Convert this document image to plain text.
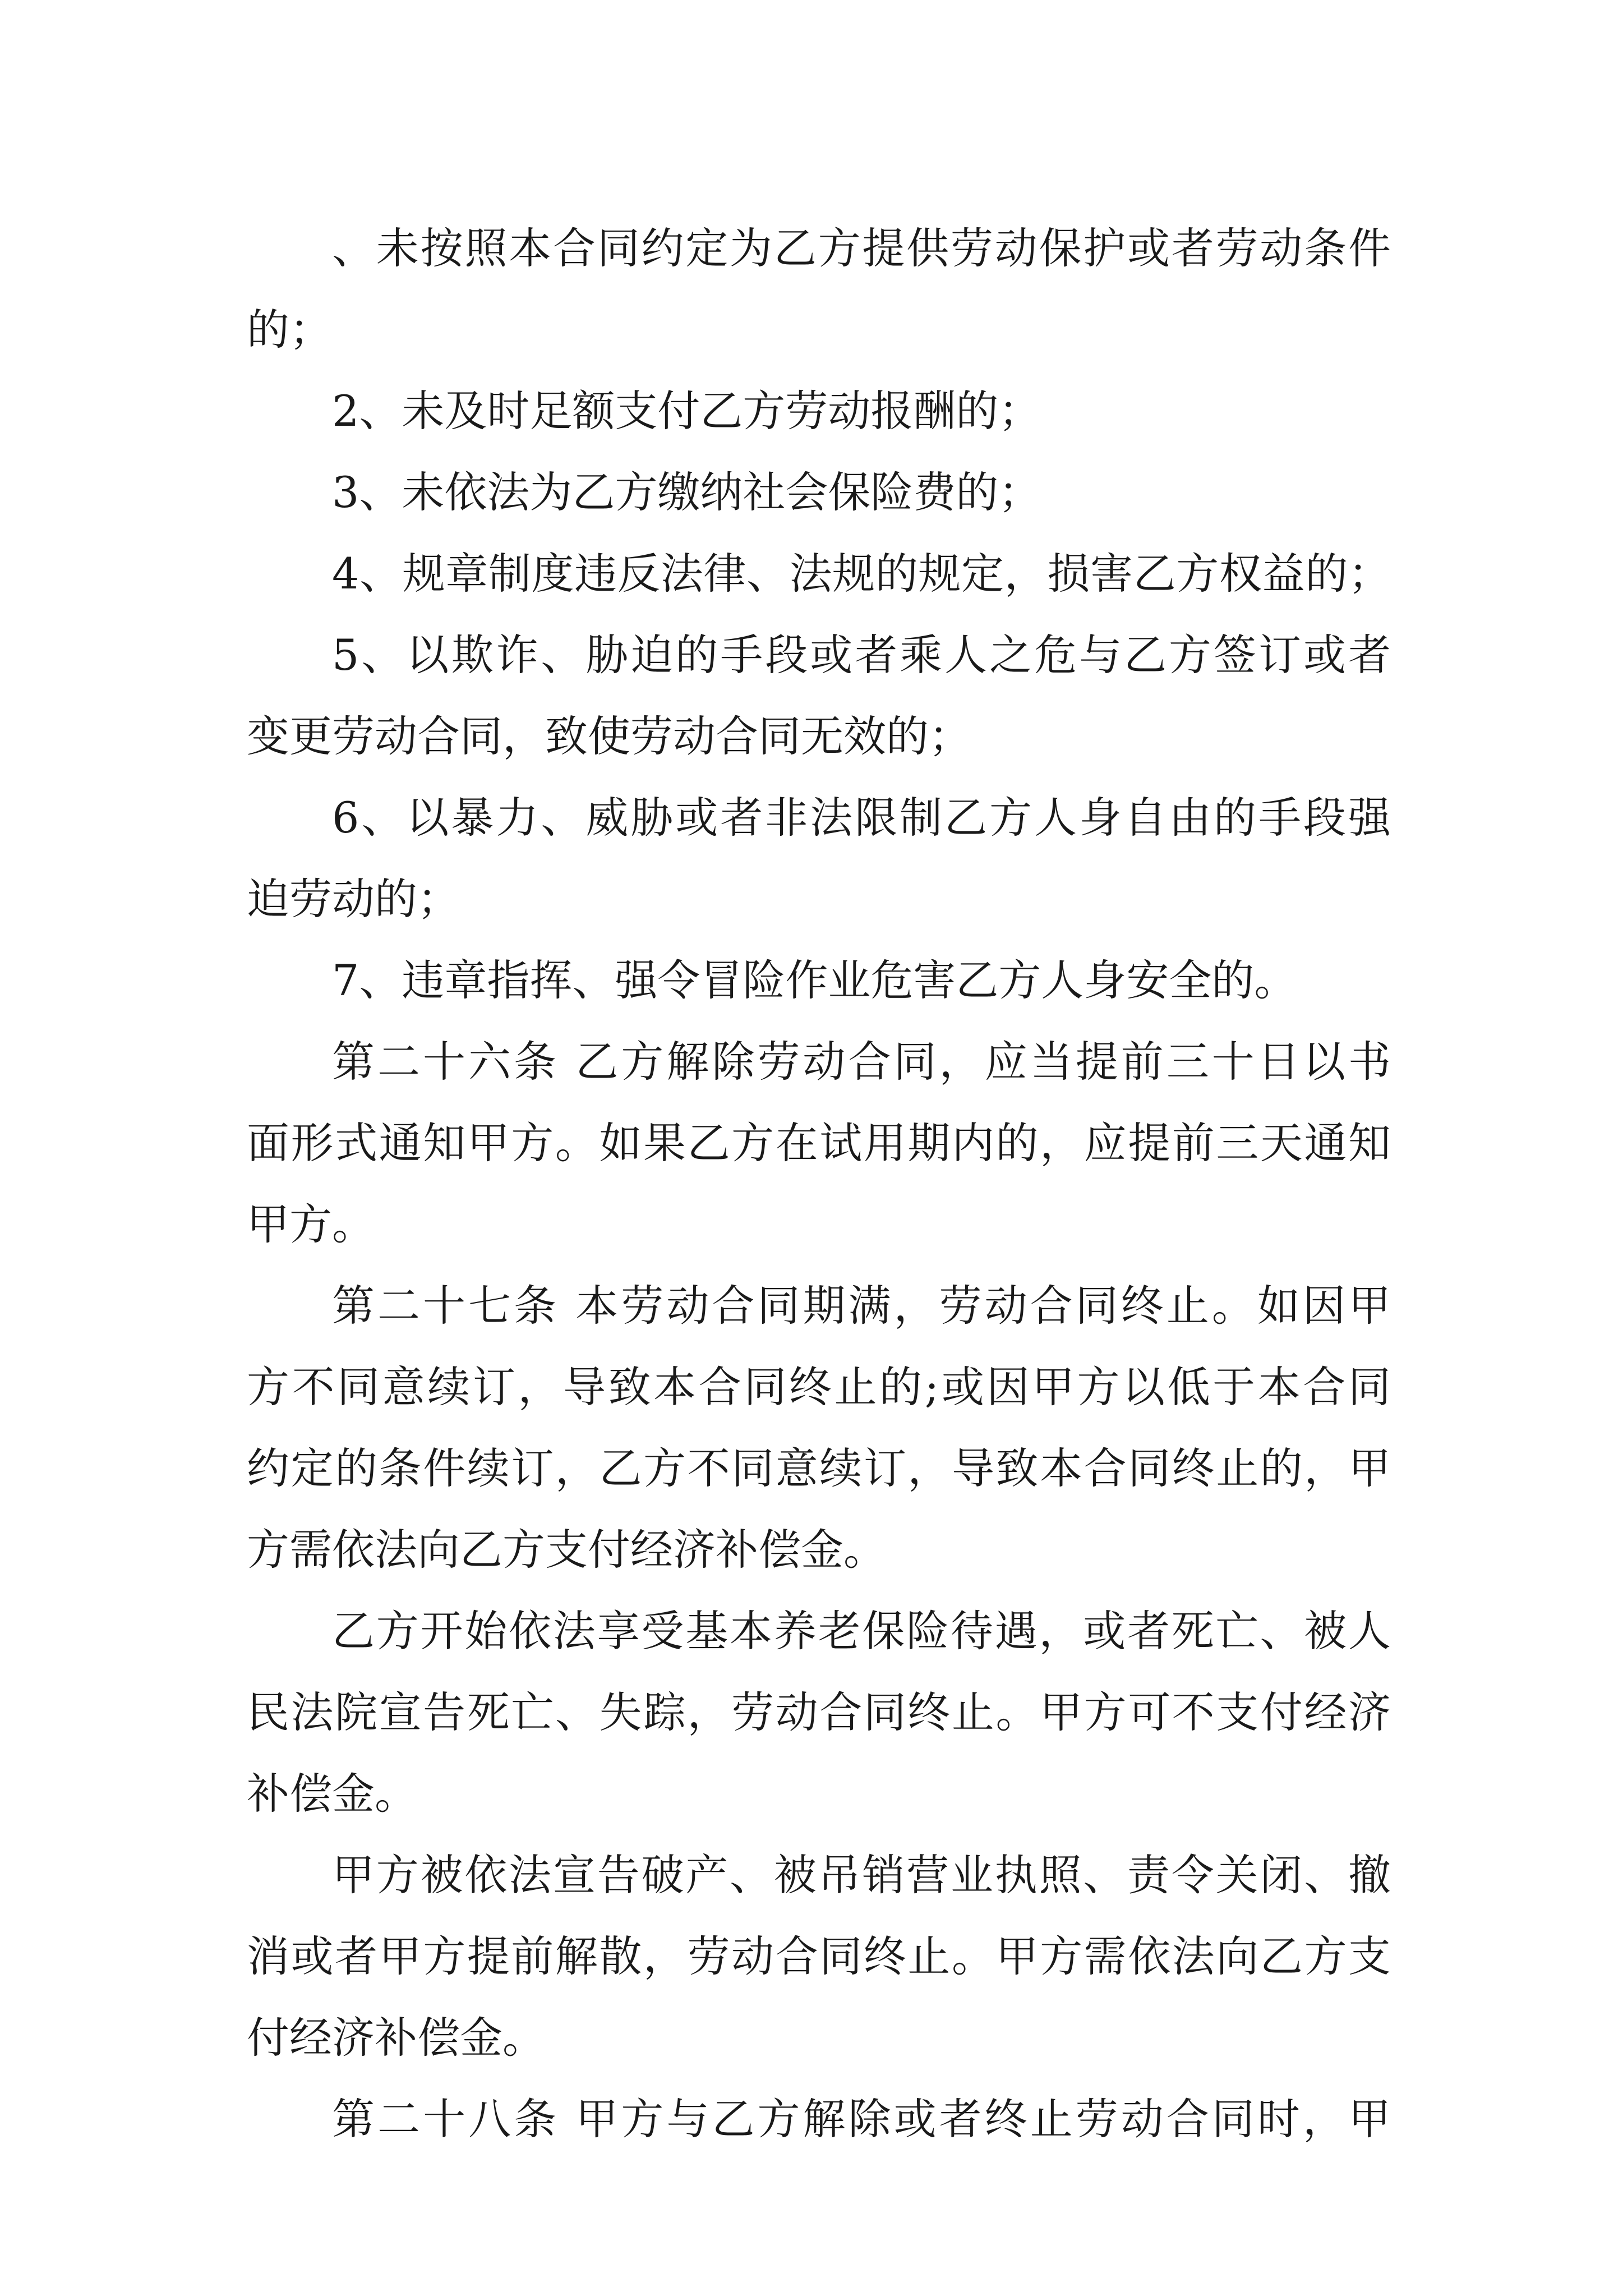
、未按照本合同约定为乙方提供劳动保护或者劳动条件
的；
2、未及时足额支付乙方劳动报酬的；
3、未依法为乙方缴纳社会保险费的；
4、规章制度违反法律、法规的规定，损害乙方权益的；
5、以欺诈、胁迫的手段或者乘人之危与乙方签订或者
变更劳动合同，致使劳动合同无效的；
6、以暴力、威胁或者非法限制乙方人身自由的手段强
迫劳动的；
7、违章指挥、强令冒险作业危害乙方人身安全的。
第二十六条 乙方解除劳动合同，应当提前三十日以书
面形式通知甲方。如果乙方在试用期内的，应提前三天通知
甲方。
第二十七条 本劳动合同期满，劳动合同终止。如因甲
方不同意续订，导致本合同终止的;或因甲方以低于本合同
约定的条件续订，乙方不同意续订，导致本合同终止的，甲
方需依法向乙方支付经济补偿金。
乙方开始依法享受基本养老保险待遇，或者死亡、被人
民法院宣告死亡、失踪，劳动合同终止。甲方可不支付经济
补偿金。
甲方被依法宣告破产、被吊销营业执照、责令关闭、撤
消或者甲方提前解散，劳动合同终止。甲方需依法向乙方支
付经济补偿金。
第二十八条 甲方与乙方解除或者终止劳动合同时，甲
